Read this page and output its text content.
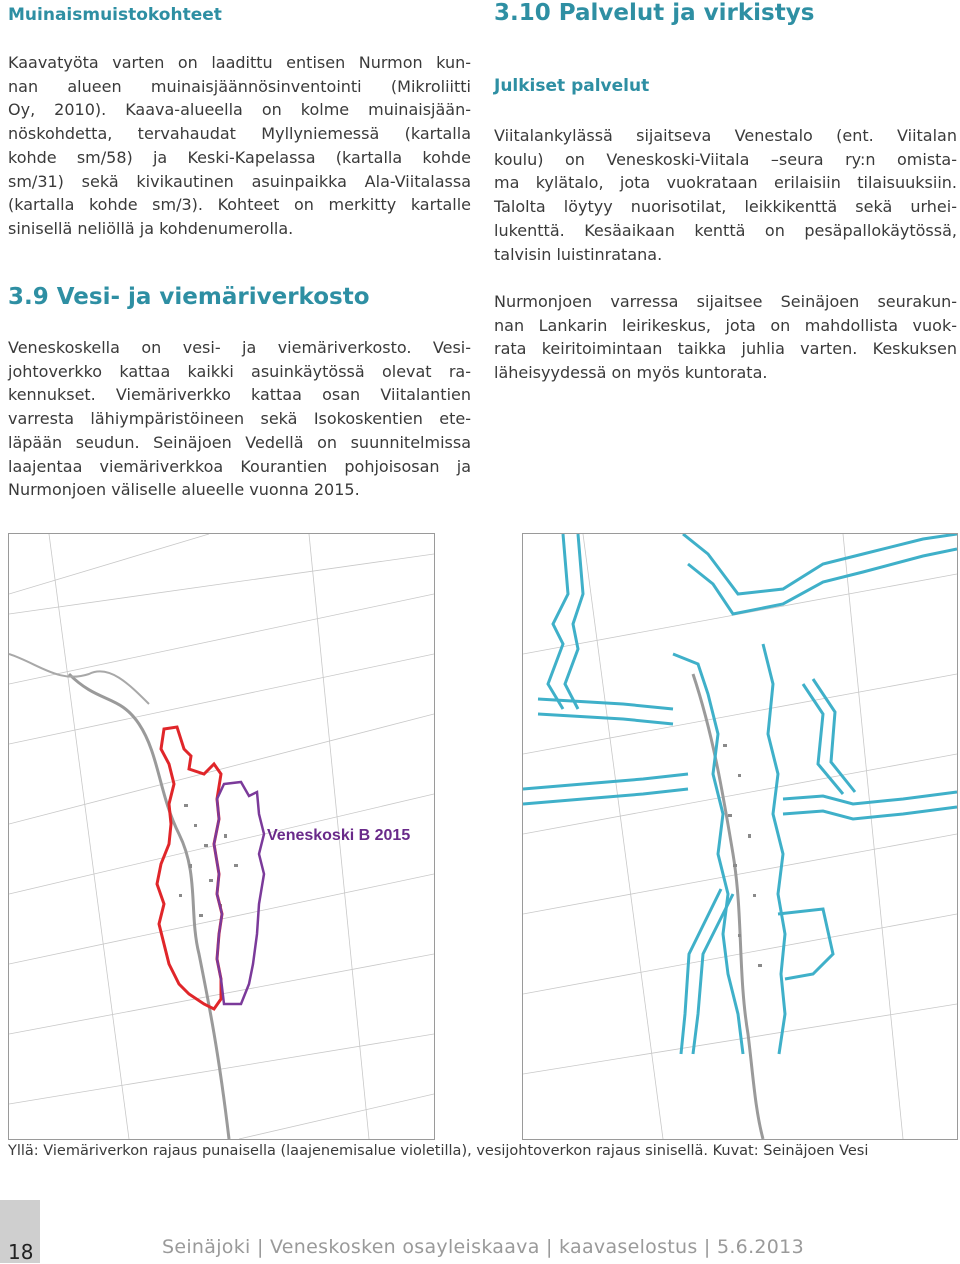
Muinaismuistokohteet
Kaavatyöta varten on laadittu entisen Nurmon kun-
nan alueen muinaisjäännösinventointi (Mikroliitti
Oy, 2010). Kaava-alueella on kolme muinaisjään-
nöskohdetta, tervahaudat Myllyniemessä (kartalla
kohde sm/58) ja Keski-Kapelassa (kartalla kohde
sm/31) sekä kivikautinen asuinpaikka Ala-Viitalassa
(kartalla kohde sm/3). Kohteet on merkitty kartalle
sinisellä neliöllä ja kohdenumerolla.
3.9 Vesi- ja viemäriverkosto
Veneskoskella on vesi- ja viemäriverkosto. Vesi-
johtoverkko kattaa kaikki asuinkäytössä olevat ra-
kennukset. Viemäriverkko kattaa osan Viitalantien
varresta lähiympäristöineen sekä Isokoskentien ete-
läpään seudun. Seinäjoen Vedellä on suunnitelmissa
laajentaa viemäriverkkoa Kourantien pohjoisosan ja
Nurmonjoen väliselle alueelle vuonna 2015.
3.10 Palvelut ja virkistys
Julkiset palvelut
Viitalankylässä sijaitseva Venestalo (ent. Viitalan
koulu) on Veneskoski-Viitala –seura ry:n omista-
ma kylätalo, jota vuokrataan erilaisiin tilaisuuksiin.
Talolta löytyy nuorisotilat, leikkikenttä sekä urhei-
lukenttä. Kesäaikaan kenttä on pesäpallokäytössä,
talvisin luistinratana.
Nurmonjoen varressa sijaitsee Seinäjoen seurakun-
nan Lankarin leirikeskus, jota on mahdollista vuok-
rata keiritoimintaan taikka juhlia varten. Keskuksen
läheisyydessä on myös kuntorata.
Veneskoski B 2015
Yllä: Viemäriverkon rajaus punaisella (laajenemisalue violetilla), vesijohtoverkon rajaus sinisellä. Kuvat: Seinäjoen Vesi
18	Seinäjoki | Veneskosken osayleiskaava | kaavaselostus | 5.6.2013
